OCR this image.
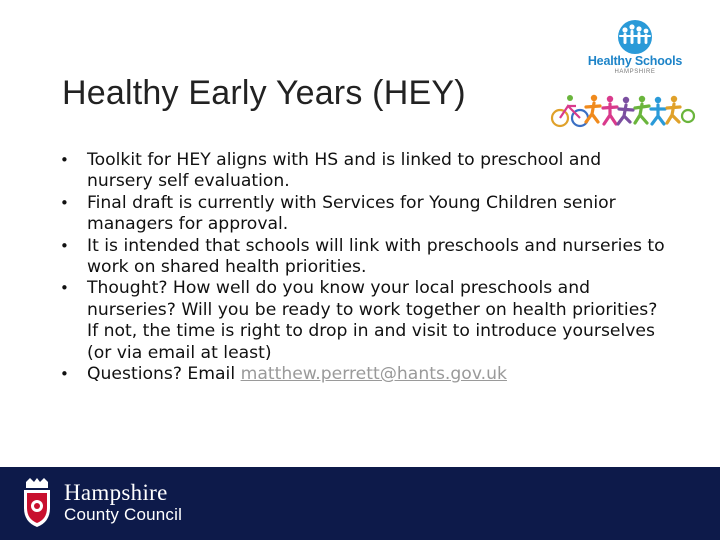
Healthy Early Years (HEY)
Healthy Schools
HAMPSHIRE
• Toolkit for HEY aligns with HS and is linked to preschool and nursery self evaluation.
• Final draft is currently with Services for Young Children senior managers for approval.
• It is intended that schools will link with preschools and nurseries to work on shared health priorities.
• Thought? How well do you know your local preschools and nurseries? Will you be ready to work together on health priorities? If not, the time is right to drop in and visit to introduce yourselves (or via email at least)
• Questions? Email matthew.perrett@hants.gov.uk
Hampshire
County Council
